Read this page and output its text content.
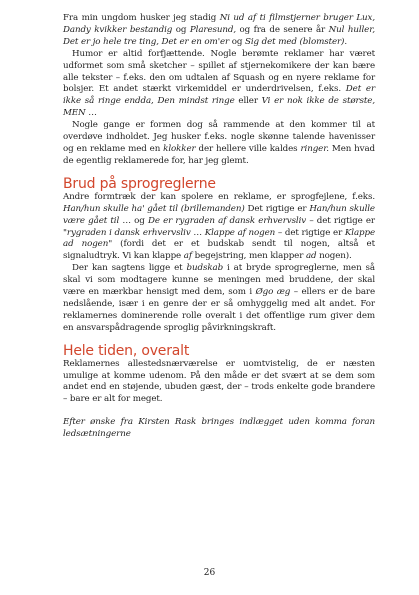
Fra min ungdom husker jeg stadig Ni ud af ti filmstjerner bruger Lux, Dandy kvikker bestandig og Plaresund, og fra de senere år Nul huller, Det er jo hele tre ting, Det er en om'er og Sig det med (blomster).

Humor er altid forfjættende. Nogle berømte reklamer har været udformet som små sketcher – spillet af stjernekomikere der kan bære alle tekster – f.eks. den om udtalen af Squash og en nyere reklame for bolsjer. Et andet stærkt virkemiddel er underdrivelsen, f.eks. Det er ikke så ringe endda, Den mindst ringe eller Vi er nok ikke de største, MEN …

Nogle gange er formen dog så rammende at den kommer til at overdøve indholdet. Jeg husker f.eks. nogle skønne talende havenisser og en reklame med en klokker der hellere ville kaldes ringer. Men hvad de egentlig reklamerede for, har jeg glemt.

Brud på sprogreglerne

Andre formtræk der kan spolere en reklame, er sprogfejlene, f.eks. Han/hun skulle ha' gået til (brillemanden) Det rigtige er Han/hun skulle være gået til … og De er rygraden af dansk erhvervsliv – det rigtige er "rygraden i dansk erhvervsliv … Klappe af nogen – det rigtige er Klappe ad nogen" (fordi det er et budskab sendt til nogen, altså et signaludtryk. Vi kan klappe af begejstring, men klapper ad nogen).

Der kan sagtens ligge et budskab i at bryde sprogreglerne, men så skal vi som modtagere kunne se meningen med bruddene, der skal være en mærkbar hensigt med dem, som i Øgo æg – ellers er de bare nedslående, især i en genre der er så omhyggelig med alt andet. For reklamernes dominerende rolle overalt i det offentlige rum giver dem en ansvarspådragende sproglig påvirkningskraft.

Hele tiden, overalt

Reklamernes allestedsnærværelse er uomtvistelig, de er næsten umulige at komme udenom. På den måde er det svært at se dem som andet end en støjende, ubuden gæst, der – trods enkelte gode brandere – bare er alt for meget.

Efter ønske fra Kirsten Rask bringes indlægget uden komma foran ledsætningerne

26
